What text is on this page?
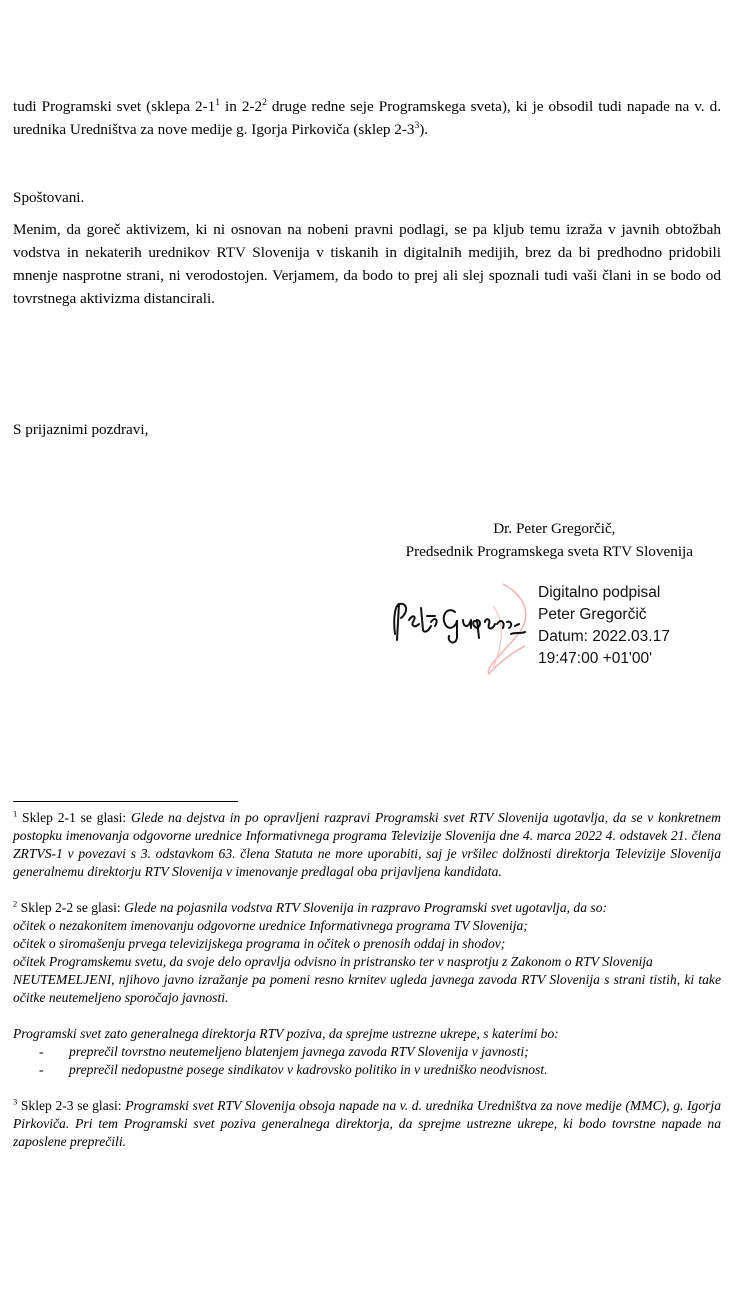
tudi Programski svet (sklepa $2-1^1$ in $2-2^2$ druge redne seje Programskega sveta), ki je obsodil tudi napade na v. d. urednika Uredništva za nove medije g. Igorja Pirkoviča (sklep $2-3^3$).
Spoštovani.
Menim, da goreč aktivizem, ki ni osnovan na nobeni pravni podlagi, se pa kljub temu izraža v javnih obtožbah vodstva in nekaterih urednikov RTV Slovenija v tiskanih in digitalnih medijih, brez da bi predhodno pridobili mnenje nasprotne strani, ni verodostojen. Verjamem, da bodo to prej ali slej spoznali tudi vaši člani in se bodo od tovrstnega aktivizma distancirali.
S prijaznimi pozdravi,
Dr. Peter Gregorčič,
Predsednik Programskega sveta RTV Slovenija
Digitalno podpisal
Peter Gregorčič
Datum: 2022.03.17
19:47:00 +01'00'

$^1$ Sklep 2-1 se glasi: Glede na dejstva in po opravljeni razpravi Programski svet RTV Slovenija ugotavlja, da se v konkretnem postopku imenovanja odgovorne urednice Informativnega programa Televizije Slovenija dne 4. marca 2022 4. odstavek 21. člena ZRTVS-1 v povezavi s 3. odstavkom 63. člena Statuta ne more uporabiti, saj je vršilec dolžnosti direktorja Televizije Slovenija generalnemu direktorju RTV Slovenija v imenovanje predlagal oba prijavljena kandidata.

$^2$ Sklep 2-2 se glasi: Glede na pojasnila vodstva RTV Slovenija in razpravo Programski svet ugotavlja, da so:

očitek o nezakonitem imenovanju odgovorne urednice Informativnega programa TV Slovenija;

očitek o siromašenju prvega televizijskega programa in očitek o prenosih oddaj in shodov;

očitek Programskemu svetu, da svoje delo opravlja odvisno in pristransko ter v nasprotju z Zakonom o RTV Slovenija

NEUTEMELJENI, njihovo javno izražanje pa pomeni resno krnitev ugleda javnega zavoda RTV Slovenija s strani tistih, ki take očitke neutemeljeno sporočajo javnosti.

Programski svet zato generalnega direktorja RTV poziva, da sprejme ustrezne ukrepe, s katerimi bo:

- preprečil tovrstno neutemeljeno blatenjem javnega zavoda RTV Slovenija v javnosti;
- preprečil nedopustne posege sindikatov v kadrovsko politiko in v uredniško neodvisnost.

$^3$ Sklep 2-3 se glasi: Programski svet RTV Slovenija obsoja napade na v. d. urednika Uredništva za nove medije (MMC), g. Igorja Pirkoviča. Pri tem Programski svet poziva generalnega direktorja, da sprejme ustrezne ukrepe, ki bodo tovrstne napade na zaposlene preprečili.
